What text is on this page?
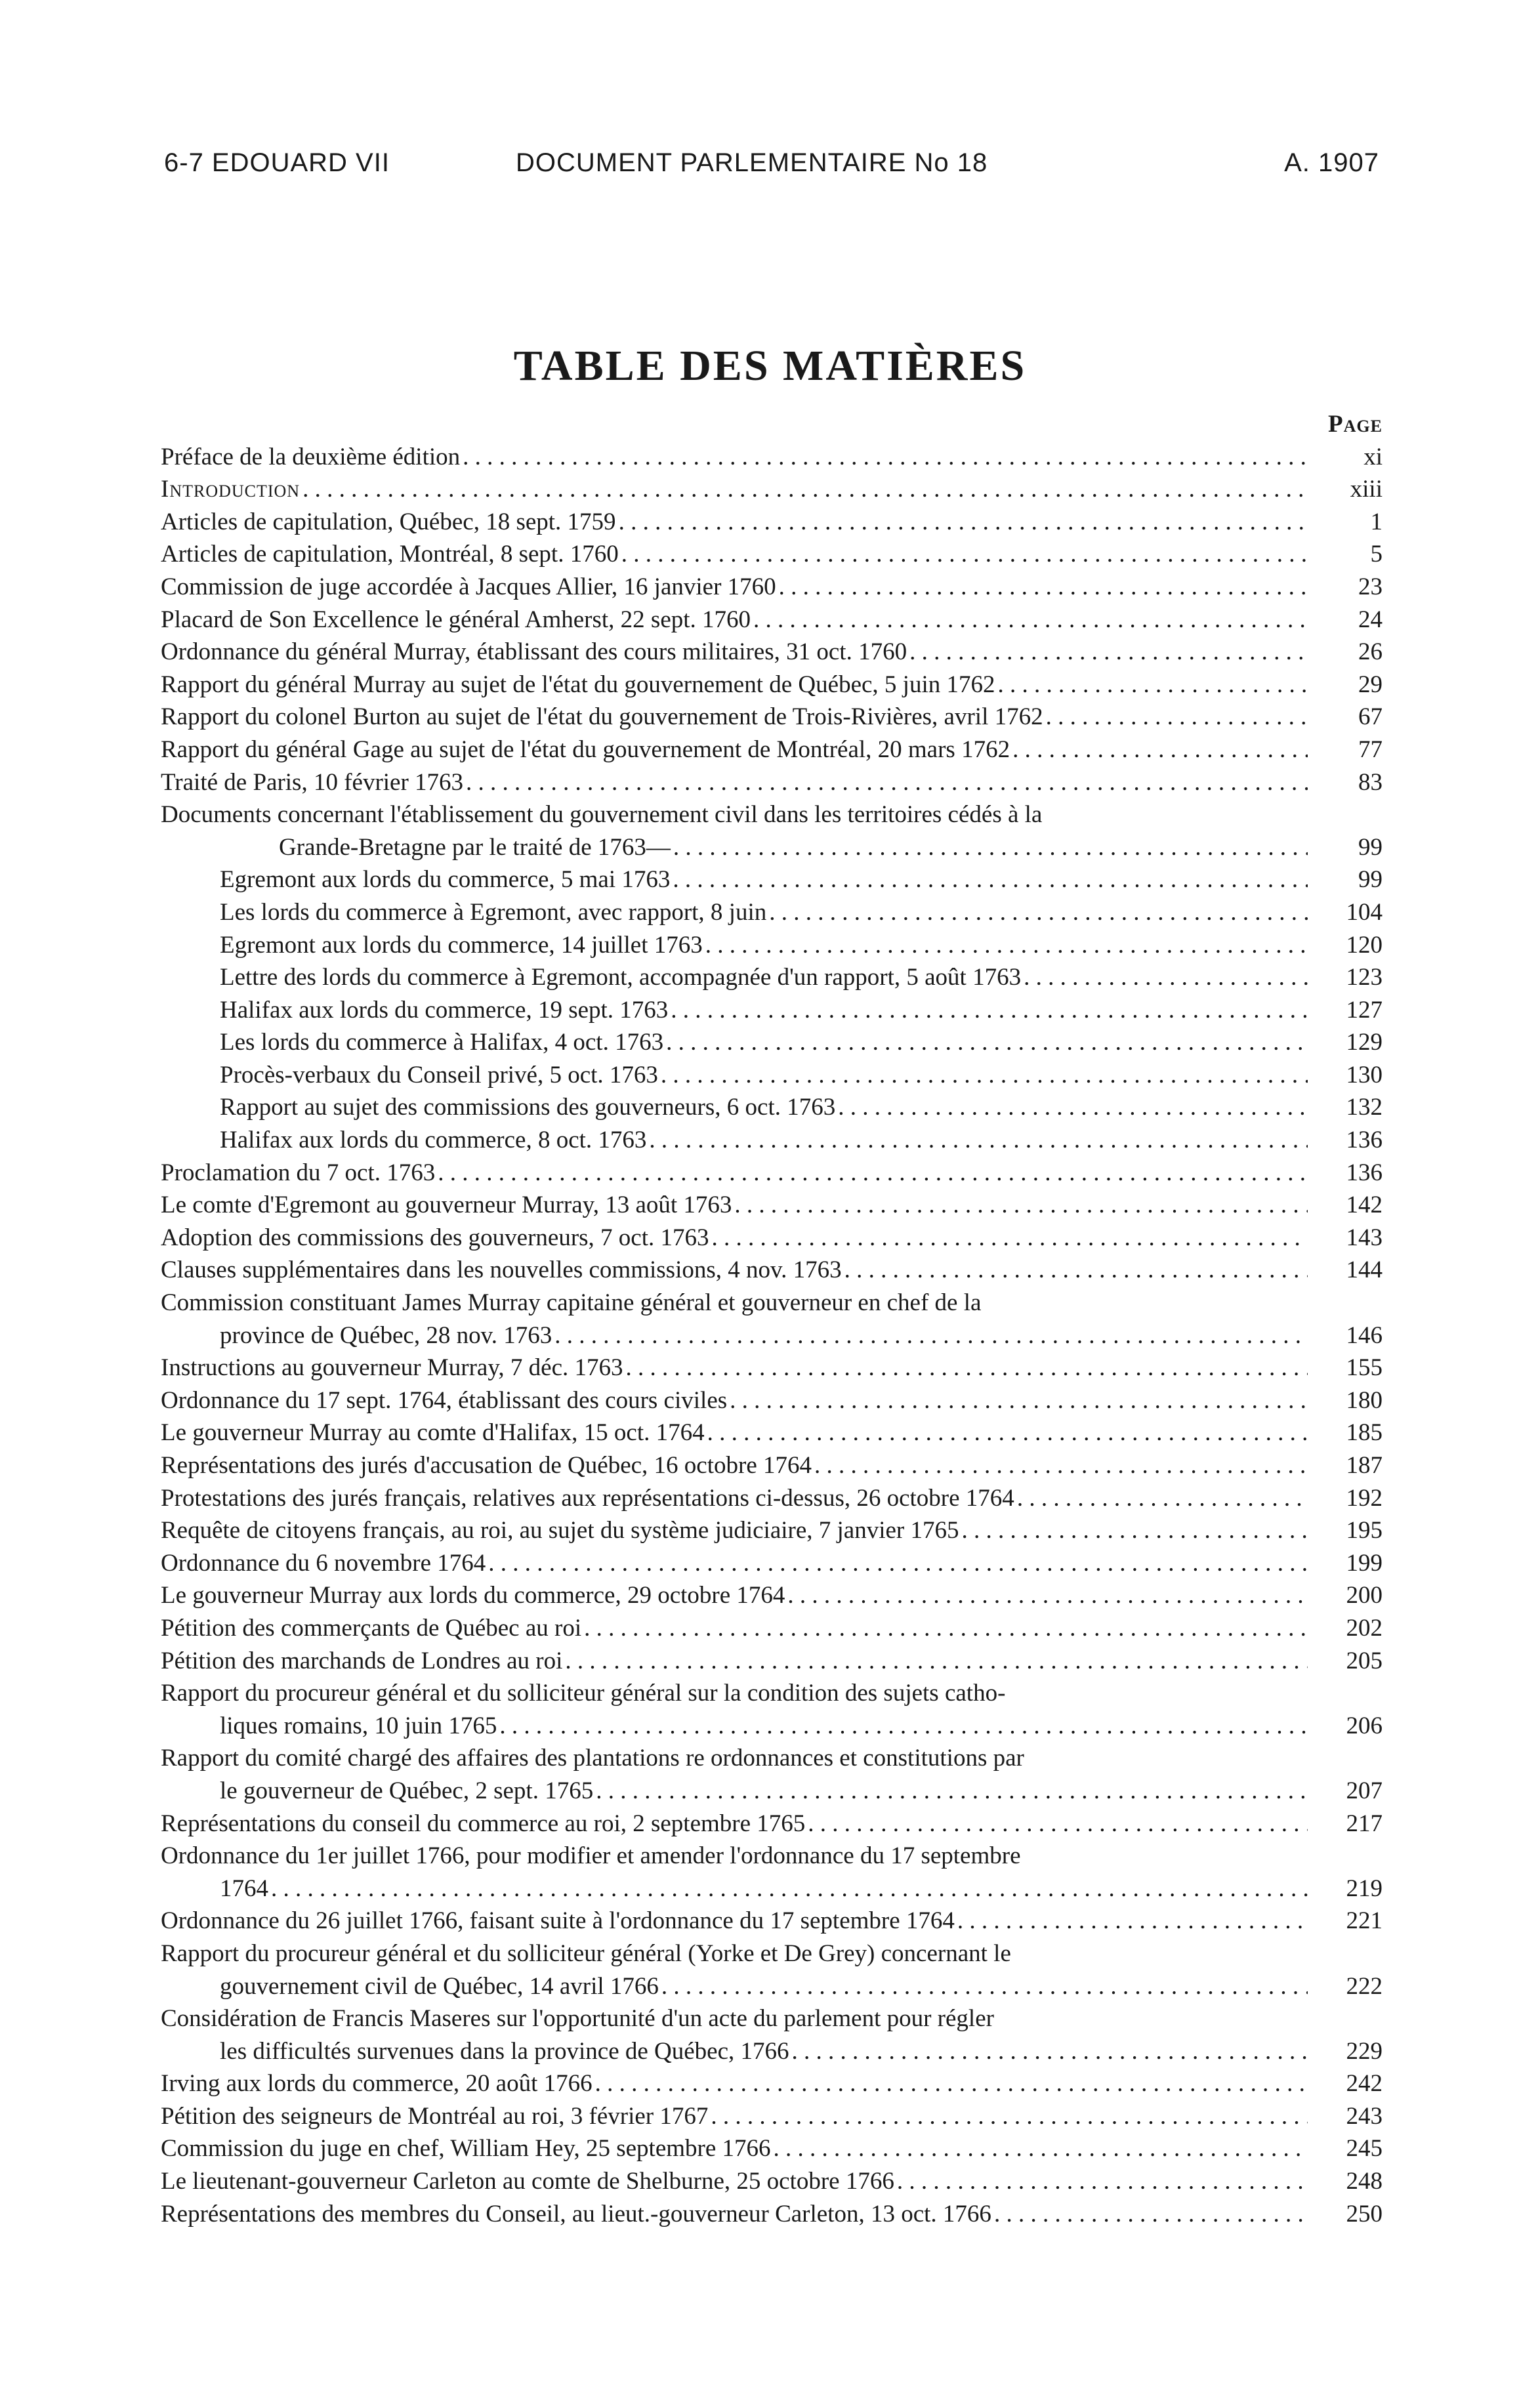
6-7 EDOUARD VII	DOCUMENT PARLEMENTAIRE No 18	A. 1907
TABLE DES MATIÈRES
Page
Préface de la deuxième édition . . .	xi
Introduction . . .	xiii
Articles de capitulation, Québec, 18 sept. 1759 . . .	1
Articles de capitulation, Montréal, 8 sept. 1760 . . .	5
Commission de juge accordée à Jacques Allier, 16 janvier 1760 . . .	23
Placard de Son Excellence le général Amherst, 22 sept. 1760 . . .	24
Ordonnance du général Murray, établissant des cours militaires, 31 oct. 1760 . . .	26
Rapport du général Murray au sujet de l'état du gouvernement de Québec, 5 juin 1762 . . .	29
Rapport du colonel Burton au sujet de l'état du gouvernement de Trois-Rivières, avril 1762 . . .	67
Rapport du général Gage au sujet de l'état du gouvernement de Montréal, 20 mars 1762 . . .	77
Traité de Paris, 10 février 1763 . . .	83
Documents concernant l'établissement du gouvernement civil dans les territoires cédés à la
Grande-Bretagne par le traité de 1763— . . .	99
Egremont aux lords du commerce, 5 mai 1763 . . .	99
Les lords du commerce à Egremont, avec rapport, 8 juin . . .	104
Egremont aux lords du commerce, 14 juillet 1763 . . .	120
Lettre des lords du commerce à Egremont, accompagnée d'un rapport, 5 août 1763 . . .	123
Halifax aux lords du commerce, 19 sept. 1763 . . .	127
Les lords du commerce à Halifax, 4 oct. 1763 . . .	129
Procès-verbaux du Conseil privé, 5 oct. 1763 . . .	130
Rapport au sujet des commissions des gouverneurs, 6 oct. 1763 . . .	132
Halifax aux lords du commerce, 8 oct. 1763 . . .	136
Proclamation du 7 oct. 1763 . . .	136
Le comte d'Egremont au gouverneur Murray, 13 août 1763 . . .	142
Adoption des commissions des gouverneurs, 7 oct. 1763 . . .	143
Clauses supplémentaires dans les nouvelles commissions, 4 nov. 1763 . . .	144
Commission constituant James Murray capitaine général et gouverneur en chef de la
province de Québec, 28 nov. 1763 . . .	146
Instructions au gouverneur Murray, 7 déc. 1763 . . .	155
Ordonnance du 17 sept. 1764, établissant des cours civiles . . .	180
Le gouverneur Murray au comte d'Halifax, 15 oct. 1764 . . .	185
Représentations des jurés d'accusation de Québec, 16 octobre 1764 . . .	187
Protestations des jurés français, relatives aux représentations ci-dessus, 26 octobre 1764 . . .	192
Requête de citoyens français, au roi, au sujet du système judiciaire, 7 janvier 1765 . . .	195
Ordonnance du 6 novembre 1764 . . .	199
Le gouverneur Murray aux lords du commerce, 29 octobre 1764 . . .	200
Pétition des commerçants de Québec au roi . . .	202
Pétition des marchands de Londres au roi . . .	205
Rapport du procureur général et du solliciteur général sur la condition des sujets catho-
liques romains, 10 juin 1765 . . .	206
Rapport du comité chargé des affaires des plantations re ordonnances et constitutions par
le gouverneur de Québec, 2 sept. 1765 . . .	207
Représentations du conseil du commerce au roi, 2 septembre 1765 . . .	217
Ordonnance du 1er juillet 1766, pour modifier et amender l'ordonnance du 17 septembre
1764 . . .	219
Ordonnance du 26 juillet 1766, faisant suite à l'ordonnance du 17 septembre 1764 . . .	221
Rapport du procureur général et du solliciteur général (Yorke et De Grey) concernant le
gouvernement civil de Québec, 14 avril 1766 . . .	222
Considération de Francis Maseres sur l'opportunité d'un acte du parlement pour régler
les difficultés survenues dans la province de Québec, 1766 . . .	229
Irving aux lords du commerce, 20 août 1766 . . .	242
Pétition des seigneurs de Montréal au roi, 3 février 1767 . . .	243
Commission du juge en chef, William Hey, 25 septembre 1766 . . .	245
Le lieutenant-gouverneur Carleton au comte de Shelburne, 25 octobre 1766 . . .	248
Représentations des membres du Conseil, au lieut.-gouverneur Carleton, 13 oct. 1766 . . .	250
